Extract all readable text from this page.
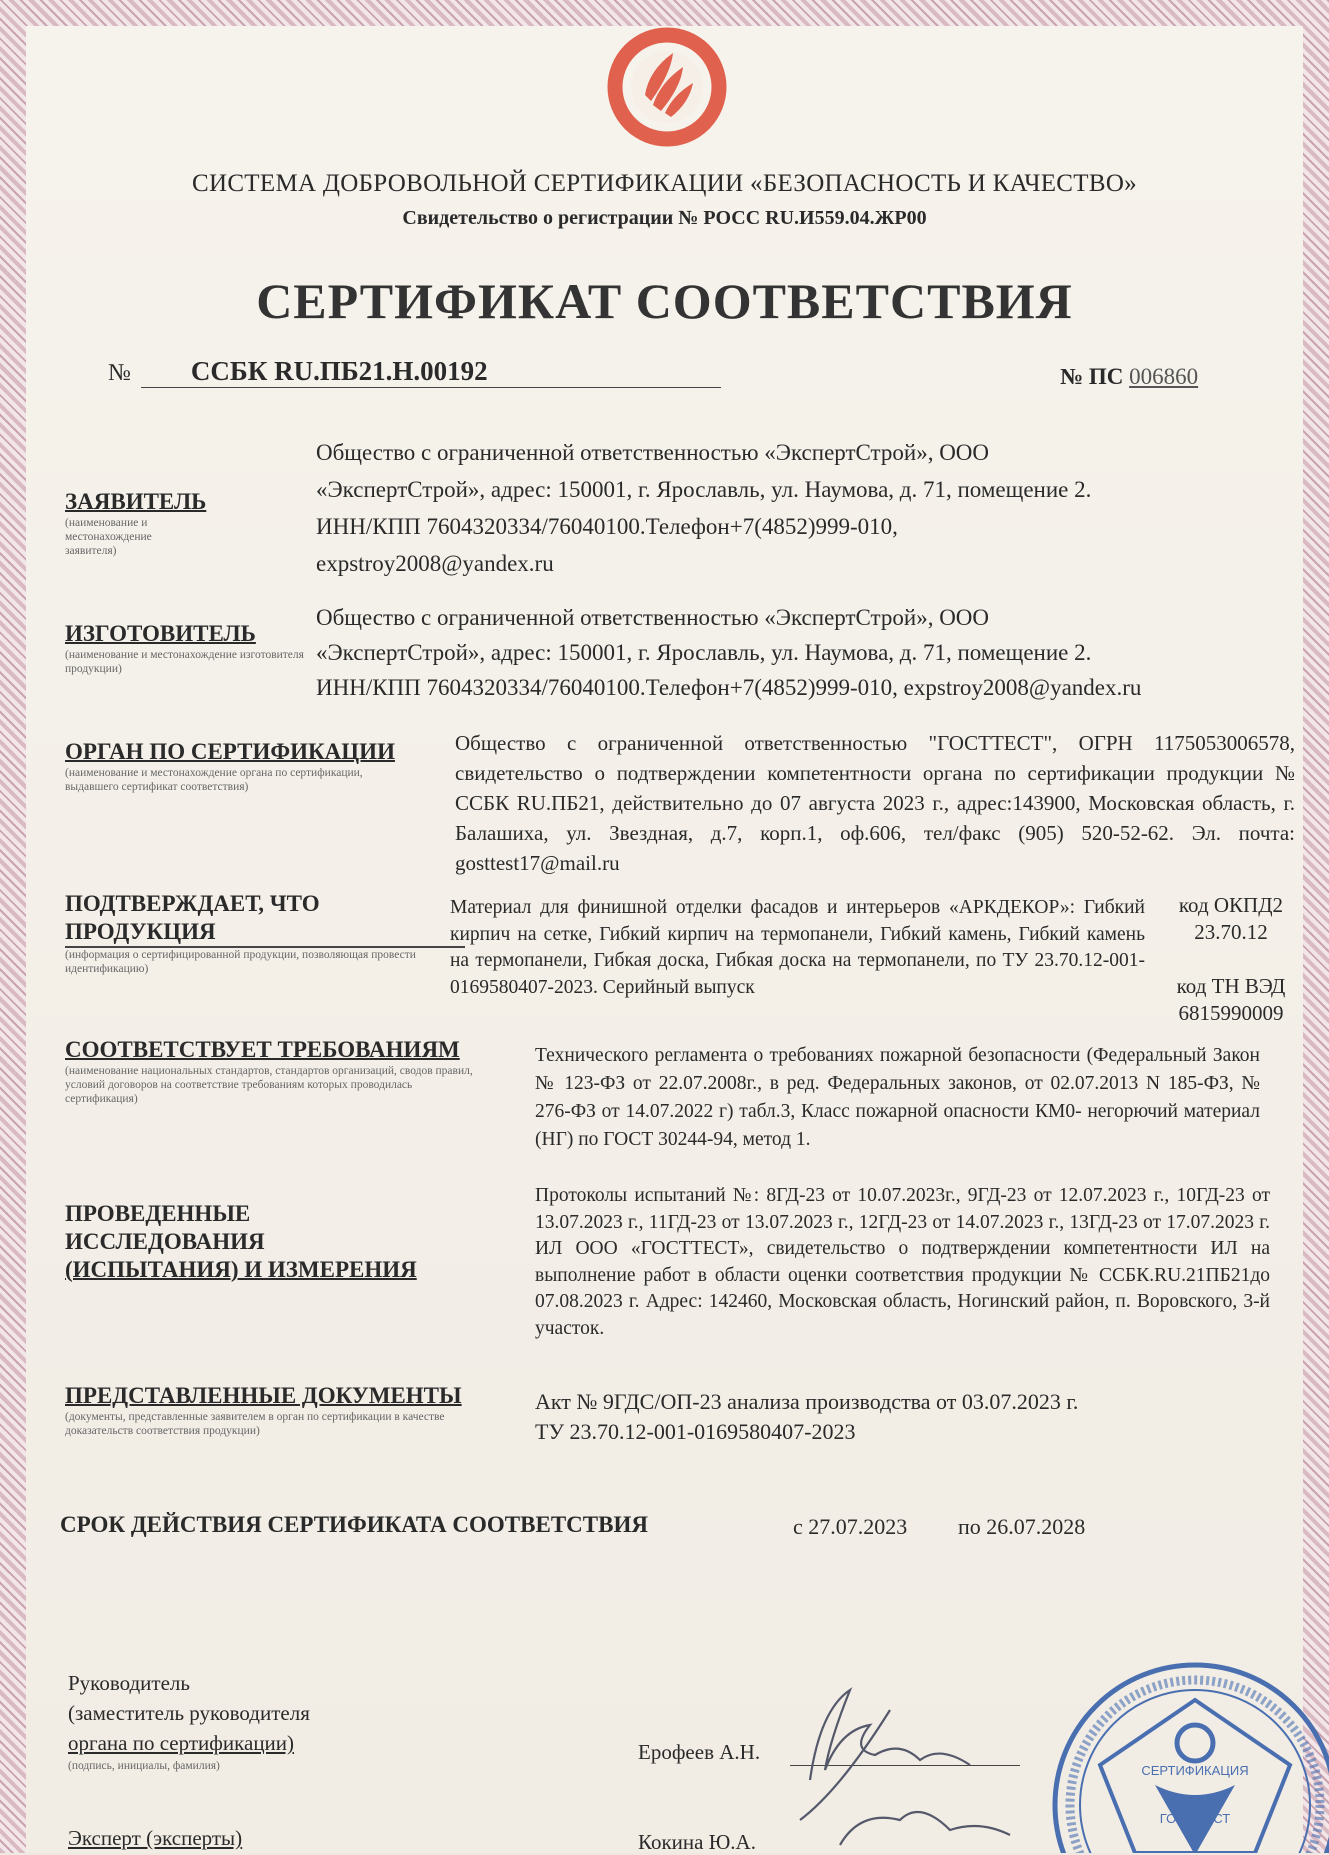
СИСТЕМА ДОБРОВОЛЬНОЙ СЕРТИФИКАЦИИ «БЕЗОПАСНОСТЬ И КАЧЕСТВО»
Свидетельство о регистрации № РОСС RU.И559.04.ЖР00
СЕРТИФИКАТ СООТВЕТСТВИЯ
№ ССБК RU.ПБ21.Н.00192	№ ПС 006860
ЗАЯВИТЕЛЬ
(наименование и местонахождение заявителя)
Общество с ограниченной ответственностью «ЭкспертСтрой», ООО
«ЭкспертСтрой», адрес: 150001, г. Ярославль, ул. Наумова, д. 71, помещение 2.
ИНН/КПП 7604320334/76040100.Телефон+7(4852)999-010,
expstroy2008@yandex.ru
ИЗГОТОВИТЕЛЬ
(наименование и местонахождение изготовителя продукции)
Общество с ограниченной ответственностью «ЭкспертСтрой», ООО
«ЭкспертСтрой», адрес: 150001, г. Ярославль, ул. Наумова, д. 71, помещение 2.
ИНН/КПП 7604320334/76040100.Телефон+7(4852)999-010, expstroy2008@yandex.ru
ОРГАН ПО СЕРТИФИКАЦИИ
(наименование и местонахождение органа по сертификации, выдавшего сертификат соответствия)
Общество с ограниченной ответственностью "ГОСТТЕСТ", ОГРН 1175053006578, свидетельство о подтверждении компетентности органа по сертификации продукции № ССБК RU.ПБ21, действительно до 07 августа 2023 г., адрес:143900, Московская область, г. Балашиха, ул. Звездная, д.7, корп.1, оф.606, тел/факс (905) 520-52-62. Эл. почта: gosttest17@mail.ru
ПОДТВЕРЖДАЕТ, ЧТО
ПРОДУКЦИЯ
(информация о сертифицированной продукции, позволяющая провести идентификацию)
Материал для финишной отделки фасадов и интерьеров «АРКДЕКОР»: Гибкий кирпич на сетке, Гибкий кирпич на термопанели, Гибкий камень, Гибкий камень на термопанели, Гибкая доска, Гибкая доска на термопанели, по ТУ 23.70.12-001-0169580407-2023. Серийный выпуск
код ОКПД2
23.70.12
код ТН ВЭД
6815990009
СООТВЕТСТВУЕТ ТРЕБОВАНИЯМ
(наименование национальных стандартов, стандартов организаций, сводов правил, условий договоров на соответствие требованиям которых проводилась сертификация)
Технического регламента о требованиях пожарной безопасности (Федеральный Закон № 123-ФЗ от 22.07.2008г., в ред. Федеральных законов, от 02.07.2013 N 185-ФЗ, № 276-ФЗ от 14.07.2022 г) табл.3, Класс пожарной опасности КМ0- негорючий материал (НГ) по ГОСТ 30244-94, метод 1.
ПРОВЕДЕННЫЕ
ИССЛЕДОВАНИЯ
(ИСПЫТАНИЯ) И ИЗМЕРЕНИЯ
Протоколы испытаний №: 8ГД-23 от 10.07.2023г., 9ГД-23 от 12.07.2023 г., 10ГД-23 от 13.07.2023 г., 11ГД-23 от 13.07.2023 г., 12ГД-23 от 14.07.2023 г., 13ГД-23 от 17.07.2023 г. ИЛ ООО «ГОСТТЕСТ», свидетельство о подтверждении компетентности ИЛ на выполнение работ в области оценки соответствия продукции № ССБК.RU.21ПБ21до 07.08.2023 г. Адрес: 142460, Московская область, Ногинский район, п. Воровского, 3-й участок.
ПРЕДСТАВЛЕННЫЕ ДОКУМЕНТЫ
(документы, представленные заявителем в орган по сертификации в качестве доказательств соответствия продукции)
Акт № 9ГДС/ОП-23 анализа производства от 03.07.2023 г.
ТУ 23.70.12-001-0169580407-2023
СРОК ДЕЙСТВИЯ СЕРТИФИКАТА СООТВЕТСТВИЯ	с 27.07.2023 по 26.07.2028
Руководитель
(заместитель руководителя
органа по сертификации)
(подпись, инициалы, фамилия)
Ерофеев А.Н.
Эксперт (эксперты)	Кокина Ю.А.
СЕРТИФИКАЦИЯ
ГОСТ ТЕСТ
